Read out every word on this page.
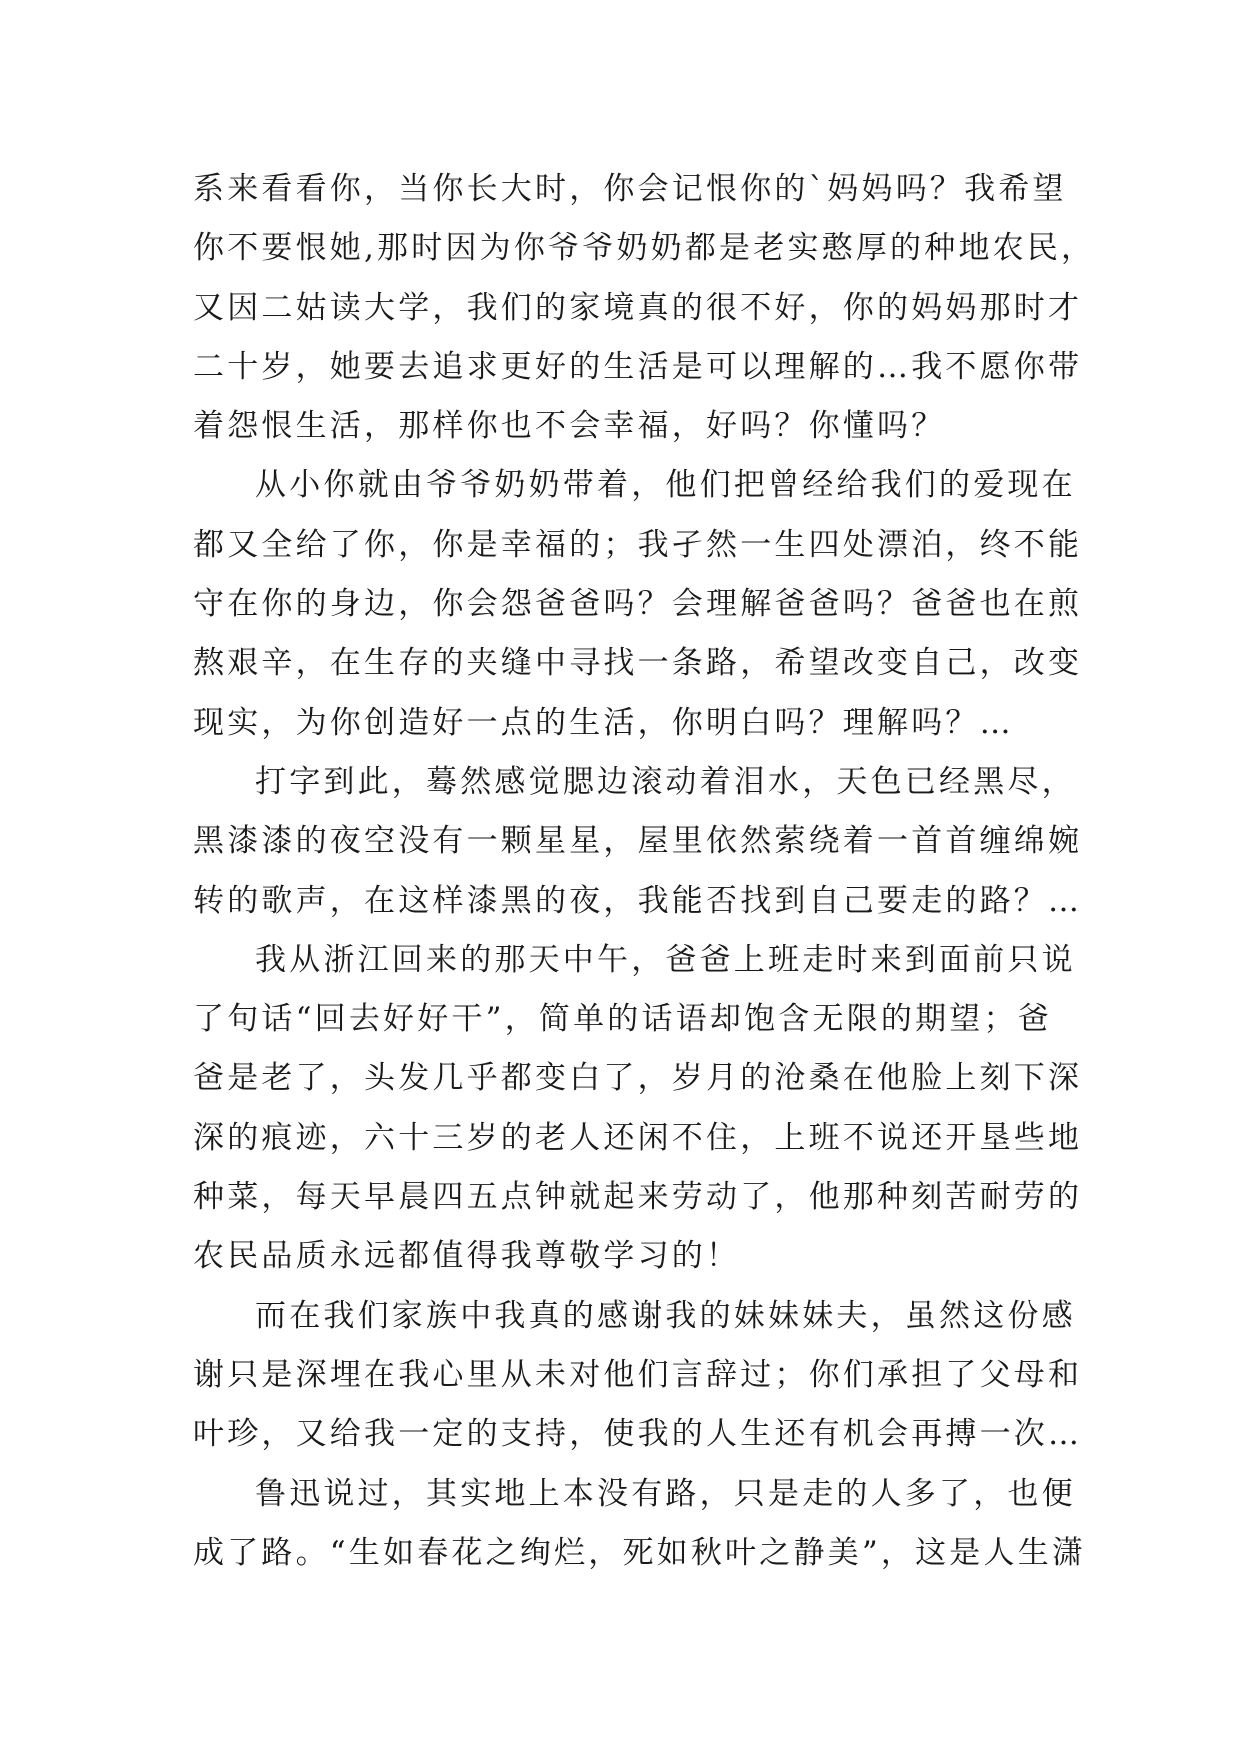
系来看看你，当你长大时，你会记恨你的`妈妈吗？我希望
你不要恨她,那时因为你爷爷奶奶都是老实憨厚的种地农民，
又因二姑读大学，我们的家境真的很不好，你的妈妈那时才
二十岁，她要去追求更好的生活是可以理解的…我不愿你带
着怨恨生活，那样你也不会幸福，好吗？你懂吗？
从小你就由爷爷奶奶带着，他们把曾经给我们的爱现在
都又全给了你，你是幸福的；我孑然一生四处漂泊，终不能
守在你的身边，你会怨爸爸吗？会理解爸爸吗？爸爸也在煎
熬艰辛，在生存的夹缝中寻找一条路，希望改变自己，改变
现实，为你创造好一点的生活，你明白吗？理解吗？…
打字到此，蓦然感觉腮边滚动着泪水，天色已经黑尽，
黑漆漆的夜空没有一颗星星，屋里依然萦绕着一首首缠绵婉
转的歌声，在这样漆黑的夜，我能否找到自己要走的路？…
我从浙江回来的那天中午，爸爸上班走时来到面前只说
了句话“回去好好干”，简单的话语却饱含无限的期望；爸
爸是老了，头发几乎都变白了，岁月的沧桑在他脸上刻下深
深的痕迹，六十三岁的老人还闲不住，上班不说还开垦些地
种菜，每天早晨四五点钟就起来劳动了，他那种刻苦耐劳的
农民品质永远都值得我尊敬学习的！
而在我们家族中我真的感谢我的妹妹妹夫，虽然这份感
谢只是深埋在我心里从未对他们言辞过；你们承担了父母和
叶珍，又给我一定的支持，使我的人生还有机会再搏一次…
鲁迅说过，其实地上本没有路，只是走的人多了，也便
成了路。“生如春花之绚烂，死如秋叶之静美”，这是人生潇
